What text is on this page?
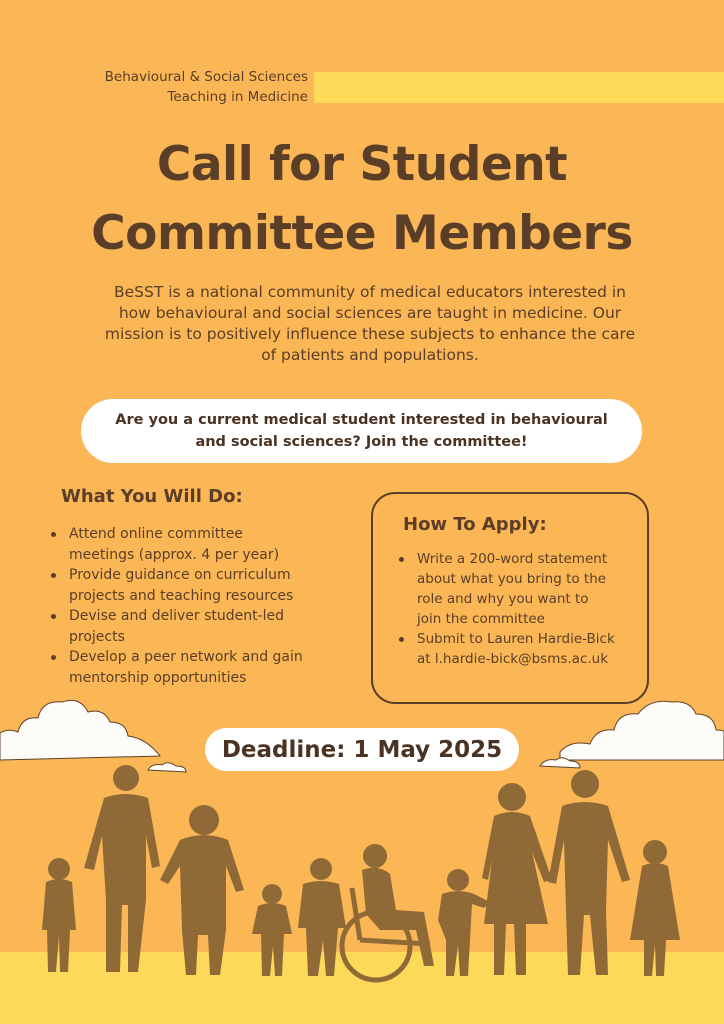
Behavioural & Social Sciences
Teaching in Medicine
Call for Student
Committee Members
BeSST is a national community of medical educators interested in
how behavioural and social sciences are taught in medicine. Our
mission is to positively influence these subjects to enhance the care
of patients and populations.
Are you a current medical student interested in behavioural
and social sciences? Join the committee!
What You Will Do:
Attend online committee
meetings (approx. 4 per year)
Provide guidance on curriculum
projects and teaching resources
Devise and deliver student-led
projects
Develop a peer network and gain
mentorship opportunities
How To Apply:
Write a 200-word statement
about what you bring to the
role and why you want to
join the committee
Submit to Lauren Hardie-Bick
at l.hardie-bick@bsms.ac.uk
Deadline: 1 May 2025
